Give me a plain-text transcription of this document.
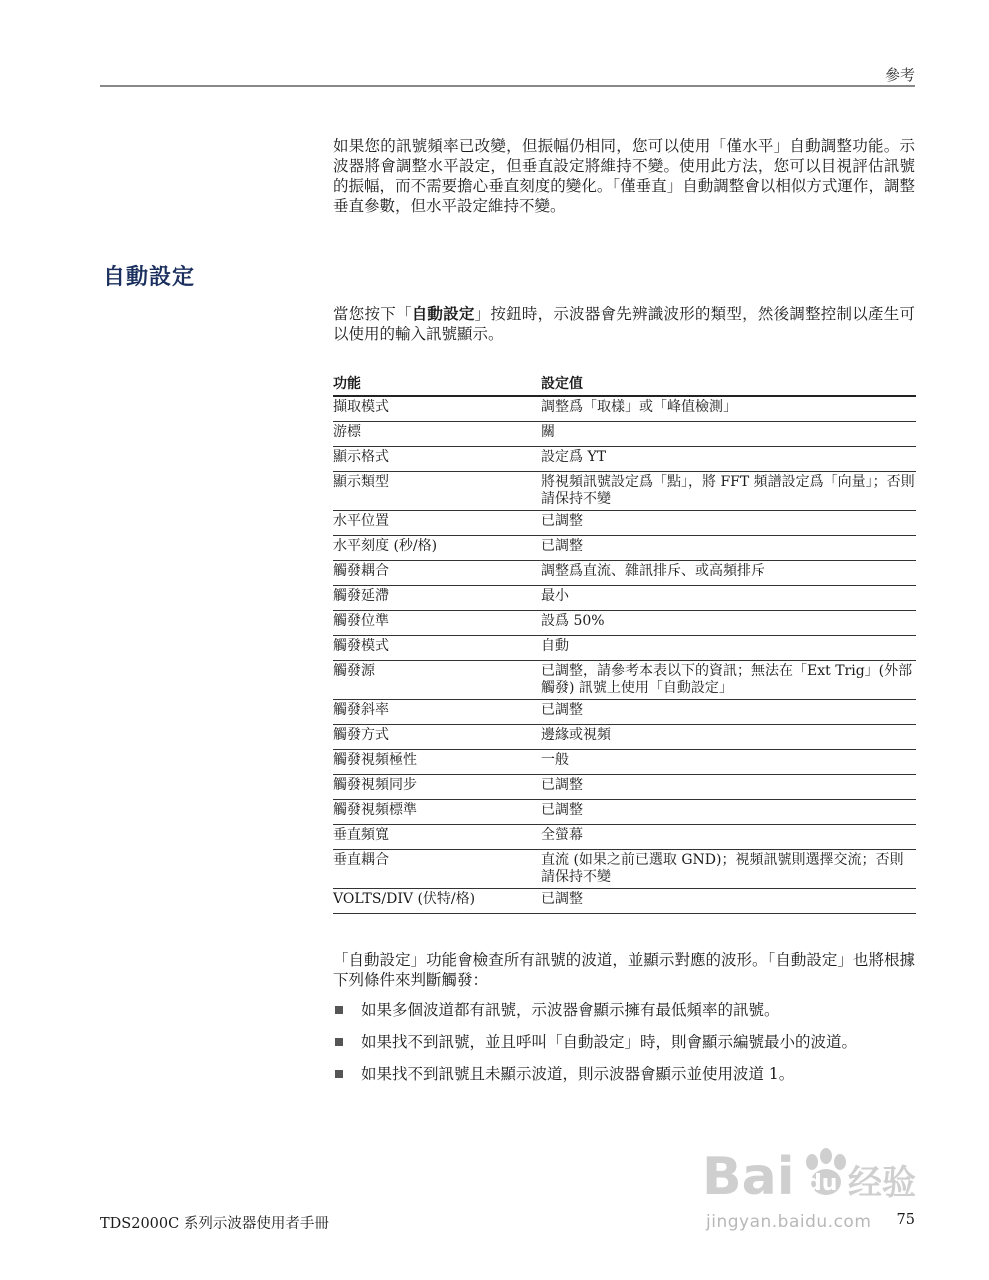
參考

如果您的訊號頻率已改變，但振幅仍相同，您可以使用「僅水平」自動調整功能。示波器將會調整水平設定，但垂直設定將維持不變。使用此方法，您可以目視評估訊號的振幅，而不需要擔心垂直刻度的變化。「僅垂直」自動調整會以相似方式運作，調整垂直參數，但水平設定維持不變。

自動設定

當您按下「自動設定」按鈕時，示波器會先辨識波形的類型，然後調整控制以產生可以使用的輸入訊號顯示。

功能	設定值
擷取模式	調整爲「取樣」或「峰值檢測」
游標	關
顯示格式	設定爲 YT
顯示類型	將視頻訊號設定爲「點」，將 FFT 頻譜設定爲「向量」；否則請保持不變
水平位置	已調整
水平刻度 (秒/格)	已調整
觸發耦合	調整爲直流、雜訊排斥、或高頻排斥
觸發延滯	最小
觸發位準	設爲 50%
觸發模式	自動
觸發源	已調整，請參考本表以下的資訊；無法在「Ext Trig」(外部觸發) 訊號上使用「自動設定」
觸發斜率	已調整
觸發方式	邊緣或視頻
觸發視頻極性	一般
觸發視頻同步	已調整
觸發視頻標準	已調整
垂直頻寬	全螢幕
垂直耦合	直流 (如果之前已選取 GND)；視頻訊號則選擇交流；否則請保持不變
VOLTS/DIV (伏特/格)	已調整

「自動設定」功能會檢查所有訊號的波道，並顯示對應的波形。「自動設定」也將根據下列條件來判斷觸發：

如果多個波道都有訊號，示波器會顯示擁有最低頻率的訊號。
如果找不到訊號，並且呼叫「自動設定」時，則會顯示編號最小的波道。
如果找不到訊號且未顯示波道，則示波器會顯示並使用波道 1。
Bai du 经验
jingyan.baidu.com
TDS2000C 系列示波器使用者手冊	75
